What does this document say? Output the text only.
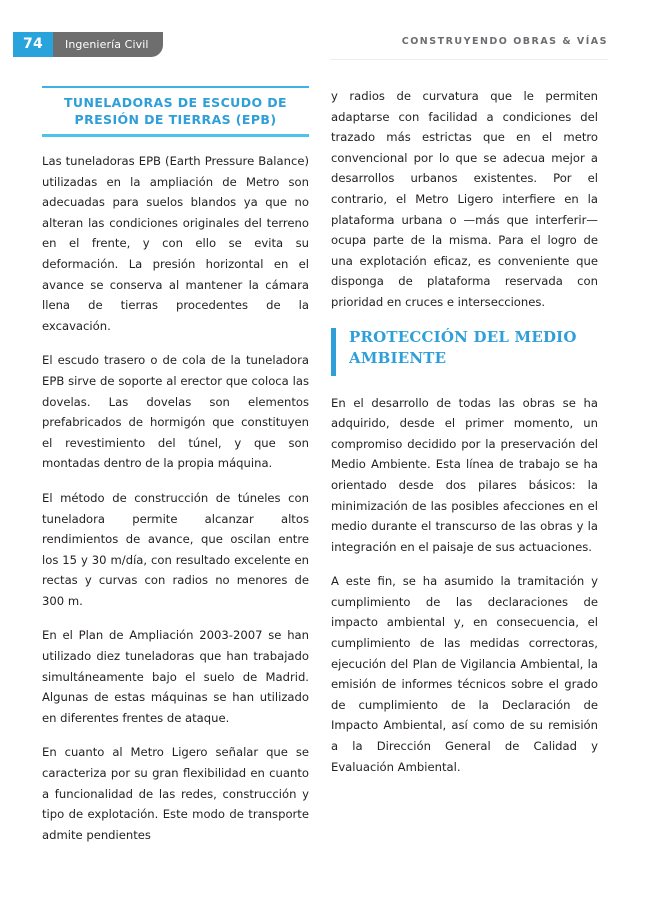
74	Ingeniería Civil	CONSTRUYENDO OBRAS & VÍAS
TUNELADORAS DE ESCUDO DE PRESIÓN DE TIERRAS (EPB)

Las tuneladoras EPB (Earth Pressure Balance) utilizadas en la ampliación de Metro son adecuadas para suelos blandos ya que no alteran las condiciones originales del terreno en el frente, y con ello se evita su deformación. La presión horizontal en el avance se conserva al mantener la cámara llena de tierras procedentes de la excavación.

El escudo trasero o de cola de la tuneladora EPB sirve de soporte al erector que coloca las dovelas. Las dovelas son elementos prefabricados de hormigón que constituyen el revestimiento del túnel, y que son montadas dentro de la propia máquina.

El método de construcción de túneles con tuneladora permite alcanzar altos rendimientos de avance, que oscilan entre los 15 y 30 m/día, con resultado excelente en rectas y curvas con radios no menores de 300 m.

En el Plan de Ampliación 2003-2007 se han utilizado diez tuneladoras que han trabajado simultáneamente bajo el suelo de Madrid. Algunas de estas máquinas se han utilizado en diferentes frentes de ataque.

En cuanto al Metro Ligero señalar que se caracteriza por su gran flexibilidad en cuanto a funcionalidad de las redes, construcción y tipo de explotación. Este modo de transporte admite pendientes

y radios de curvatura que le permiten adaptarse con facilidad a condiciones del trazado más estrictas que en el metro convencional por lo que se adecua mejor a desarrollos urbanos existentes. Por el contrario, el Metro Ligero interfiere en la plataforma urbana o —más que interferir— ocupa parte de la misma. Para el logro de una explotación eficaz, es conveniente que disponga de plataforma reservada con prioridad en cruces e intersecciones.

PROTECCIÓN DEL MEDIO AMBIENTE

En el desarrollo de todas las obras se ha adquirido, desde el primer momento, un compromiso decidido por la preservación del Medio Ambiente. Esta línea de trabajo se ha orientado desde dos pilares básicos: la minimización de las posibles afecciones en el medio durante el transcurso de las obras y la integración en el paisaje de sus actuaciones.

A este fin, se ha asumido la tramitación y cumplimiento de las declaraciones de impacto ambiental y, en consecuencia, el cumplimiento de las medidas correctoras, ejecución del Plan de Vigilancia Ambiental, la emisión de informes técnicos sobre el grado de cumplimiento de la Declaración de Impacto Ambiental, así como de su remisión a la Dirección General de Calidad y Evaluación Ambiental.
